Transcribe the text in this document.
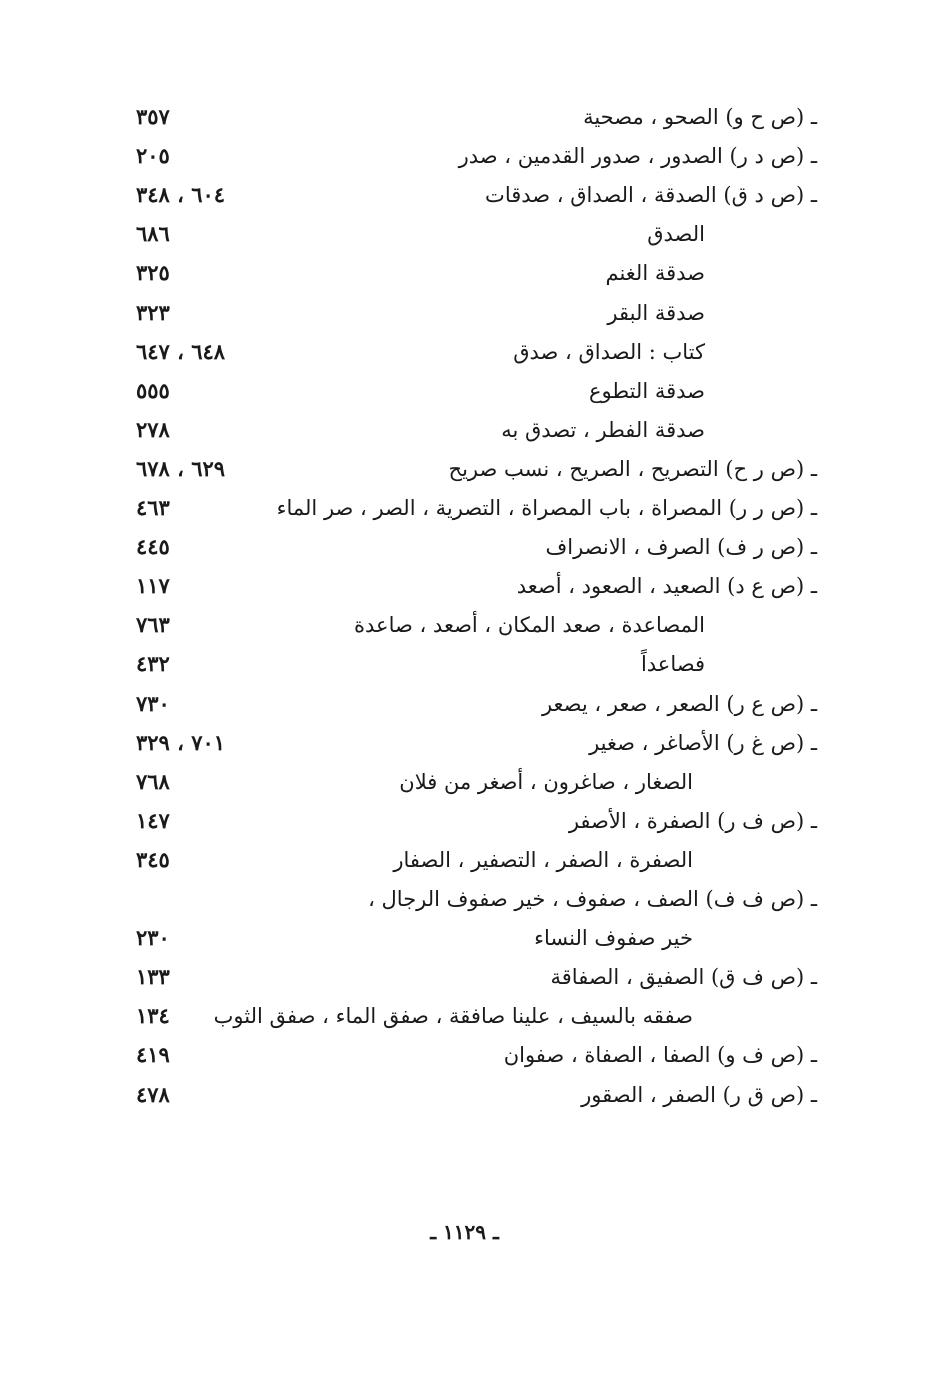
ـ (ص ح و) الصحو ، مصحية
٣٥٧
ـ (ص د ر) الصدور ، صدور القدمين ، صدر
٢٠٥
ـ (ص د ق) الصدقة ، الصداق ، صدقات
٦٠٤ ، ٣٤٨
الصدق
٦٨٦
صدقة الغنم
٣٢٥
صدقة البقر
٣٢٣
كتاب : الصداق ، صدق
٦٤٨ ، ٦٤٧
صدقة التطوع
٥٥٥
صدقة الفطر ، تصدق به
٢٧٨
ـ (ص ر ح) التصريح ، الصريح ، نسب صريح
٦٢٩ ، ٦٧٨
ـ (ص ر ر) المصراة ، باب المصراة ، التصرية ، الصر ، صر الماء
٤٦٣
ـ (ص ر ف) الصرف ، الانصراف
٤٤٥
ـ (ص ع د) الصعيد ، الصعود ، أصعد
١١٧
المصاعدة ، صعد المكان ، أصعد ، صاعدة
٧٦٣
فصاعداً
٤٣٢
ـ (ص ع ر) الصعر ، صعر ، يصعر
٧٣٠
ـ (ص غ ر) الأصاغر ، صغير
٧٠١ ، ٣٢٩
الصغار ، صاغرون ، أصغر من فلان
٧٦٨
ـ (ص ف ر) الصفرة ، الأصفر
١٤٧
الصفرة ، الصفر ، التصفير ، الصفار
٣٤٥
ـ (ص ف ف) الصف ، صفوف ، خير صفوف الرجال ،
خير صفوف النساء
٢٣٠
ـ (ص ف ق) الصفيق ، الصفاقة
١٣٣
صفقه بالسيف ، علينا صافقة ، صفق الماء ، صفق الثوب
١٣٤
ـ (ص ف و) الصفا ، الصفاة ، صفوان
٤١٩
ـ (ص ق ر) الصفر ، الصقور
٤٧٨
ـ ١١٢٩ ـ
